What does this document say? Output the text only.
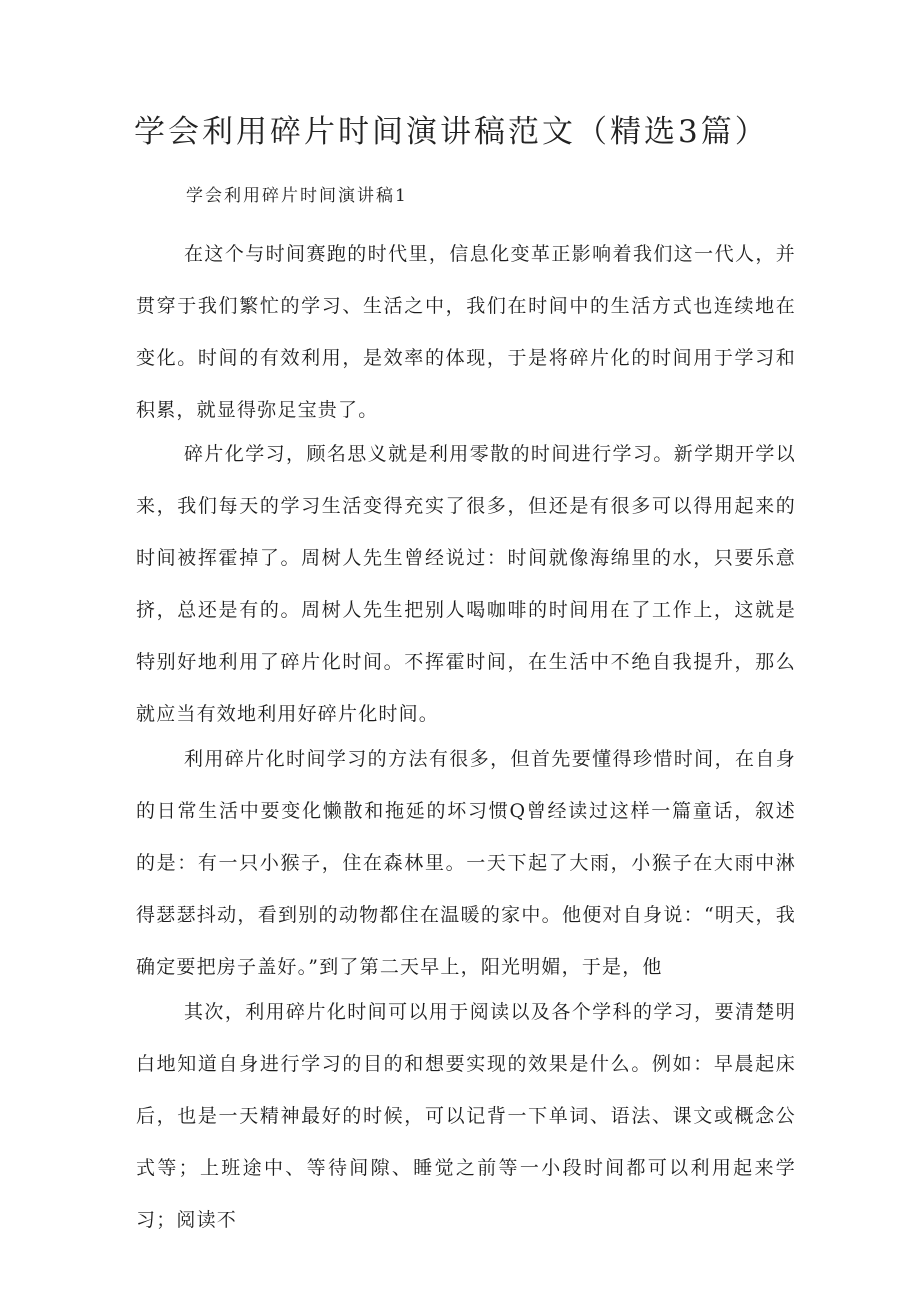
学会利用碎片时间演讲稿范文（精选3篇）
学会利用碎片时间演讲稿1

在这个与时间赛跑的时代里，信息化变革正影响着我们这一代人，并贯穿于我们繁忙的学习、生活之中，我们在时间中的生活方式也连续地在变化。时间的有效利用，是效率的体现，于是将碎片化的时间用于学习和积累，就显得弥足宝贵了。

碎片化学习，顾名思义就是利用零散的时间进行学习。新学期开学以来，我们每天的学习生活变得充实了很多，但还是有很多可以得用起来的时间被挥霍掉了。周树人先生曾经说过：时间就像海绵里的水，只要乐意挤，总还是有的。周树人先生把别人喝咖啡的时间用在了工作上，这就是特别好地利用了碎片化时间。不挥霍时间，在生活中不绝自我提升，那么就应当有效地利用好碎片化时间。

利用碎片化时间学习的方法有很多，但首先要懂得珍惜时间，在自身的日常生活中要变化懒散和拖延的坏习惯Q曾经读过这样一篇童话，叙述的是：有一只小猴子，住在森林里。一天下起了大雨，小猴子在大雨中淋得瑟瑟抖动，看到别的动物都住在温暖的家中。他便对自身说：“明天，我确定要把房子盖好。”到了第二天早上，阳光明媚，于是，他

其次，利用碎片化时间可以用于阅读以及各个学科的学习，要清楚明白地知道自身进行学习的目的和想要实现的效果是什么。例如：早晨起床后，也是一天精神最好的时候，可以记背一下单词、语法、课文或概念公式等；上班途中、等待间隙、睡觉之前等一小段时间都可以利用起来学习；阅读不
